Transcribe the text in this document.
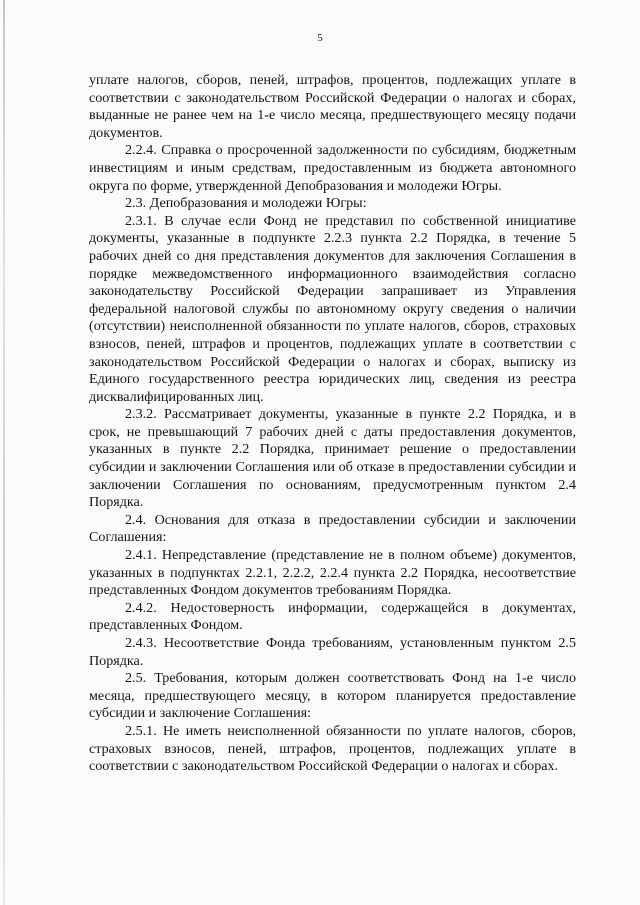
5

уплате налогов, сборов, пеней, штрафов, процентов, подлежащих уплате в соответствии с законодательством Российской Федерации о налогах и сборах, выданные не ранее чем на 1-е число месяца, предшествующего месяцу подачи документов.

2.2.4. Справка о просроченной задолженности по субсидиям, бюджетным инвестициям и иным средствам, предоставленным из бюджета автономного округа по форме, утвержденной Депобразования и молодежи Югры.

2.3. Депобразования и молодежи Югры:

2.3.1. В случае если Фонд не представил по собственной инициативе документы, указанные в подпункте 2.2.3 пункта 2.2 Порядка, в течение 5 рабочих дней со дня представления документов для заключения Соглашения в порядке межведомственного информационного взаимодействия согласно законодательству Российской Федерации запрашивает из Управления федеральной налоговой службы по автономному округу сведения о наличии (отсутствии) неисполненной обязанности по уплате налогов, сборов, страховых взносов, пеней, штрафов и процентов, подлежащих уплате в соответствии с законодательством Российской Федерации о налогах и сборах, выписку из Единого государственного реестра юридических лиц, сведения из реестра дисквалифицированных лиц.

2.3.2. Рассматривает документы, указанные в пункте 2.2 Порядка, и в срок, не превышающий 7 рабочих дней с даты предоставления документов, указанных в пункте 2.2 Порядка, принимает решение о предоставлении субсидии и заключении Соглашения или об отказе в предоставлении субсидии и заключении Соглашения по основаниям, предусмотренным пунктом 2.4 Порядка.

2.4. Основания для отказа в предоставлении субсидии и заключении Соглашения:

2.4.1. Непредставление (представление не в полном объеме) документов, указанных в подпунктах 2.2.1, 2.2.2, 2.2.4 пункта 2.2 Порядка, несоответствие представленных Фондом документов требованиям Порядка.

2.4.2. Недостоверность информации, содержащейся в документах, представленных Фондом.

2.4.3. Несоответствие Фонда требованиям, установленным пунктом 2.5 Порядка.

2.5. Требования, которым должен соответствовать Фонд на 1-е число месяца, предшествующего месяцу, в котором планируется предоставление субсидии и заключение Соглашения:

2.5.1. Не иметь неисполненной обязанности по уплате налогов, сборов, страховых взносов, пеней, штрафов, процентов, подлежащих уплате в соответствии с законодательством Российской Федерации о налогах и сборах.
